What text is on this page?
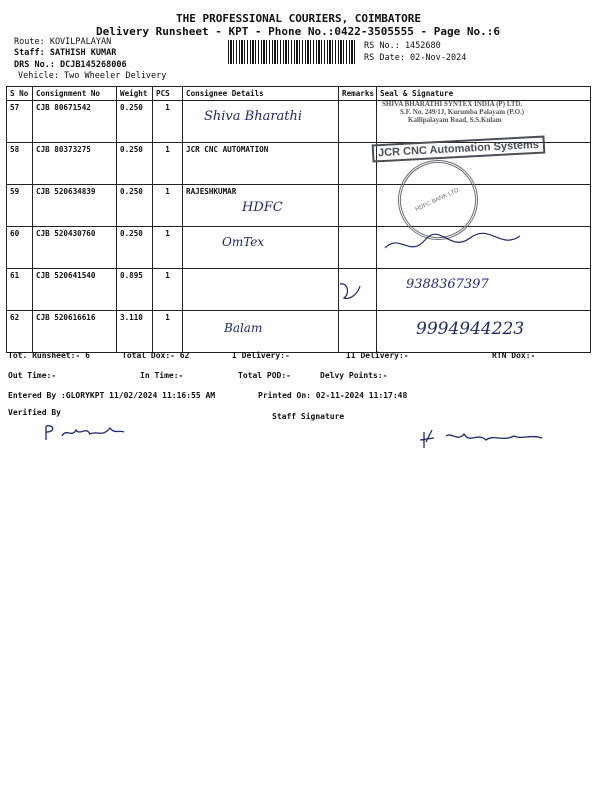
THE PROFESSIONAL COURIERS, COIMBATORE
Delivery Runsheet - KPT - Phone No.:0422-3505555 - Page No.:6
Route: KOVILPALAYAN
Staff: SATHISH KUMAR
DRS No.: DCJB145268006
Vehicle: Two Wheeler Delivery
RS No.: 1452680
RS Date: 02-Nov-2024
S No	Consignment No	Weight	PCS	Consignee Details	Remarks	Seal & Signature
57	CJB 80671542	0.250	1	Shiva Bharathi		

58	CJB 80373275	0.250	1	JCR CNC AUTOMATION		

59	CJB 520634839	0.250	1	RAJESHKUMAR
HDFC		

60	CJB 520430760	0.250	1	OmTex		

61	CJB 520641540	0.895	1			9388367397

62	CJB 520616616	3.110	1	Balam		9994944223
SHIVA BHARATHI SYNTEX INDIA (P) LTD.
S.F. No. 249/1J, Kurumba Palayam (P.O.)
Kallipalayam Road, S.S.Kulam
JCR CNC Automation Systems
HDFC BANK LTD.
Tot. Runsheet:- 6	Total Dox:- 62	I Delivery:-	II Delivery:-	RTN Dox:-
Out Time:-	In Time:-	Total POD:-	Delvy Points:-
Entered By :GLORYKPT 11/02/2024 11:16:55 AM	Printed On: 02-11-2024 11:17:48
Verified By	Staff Signature
